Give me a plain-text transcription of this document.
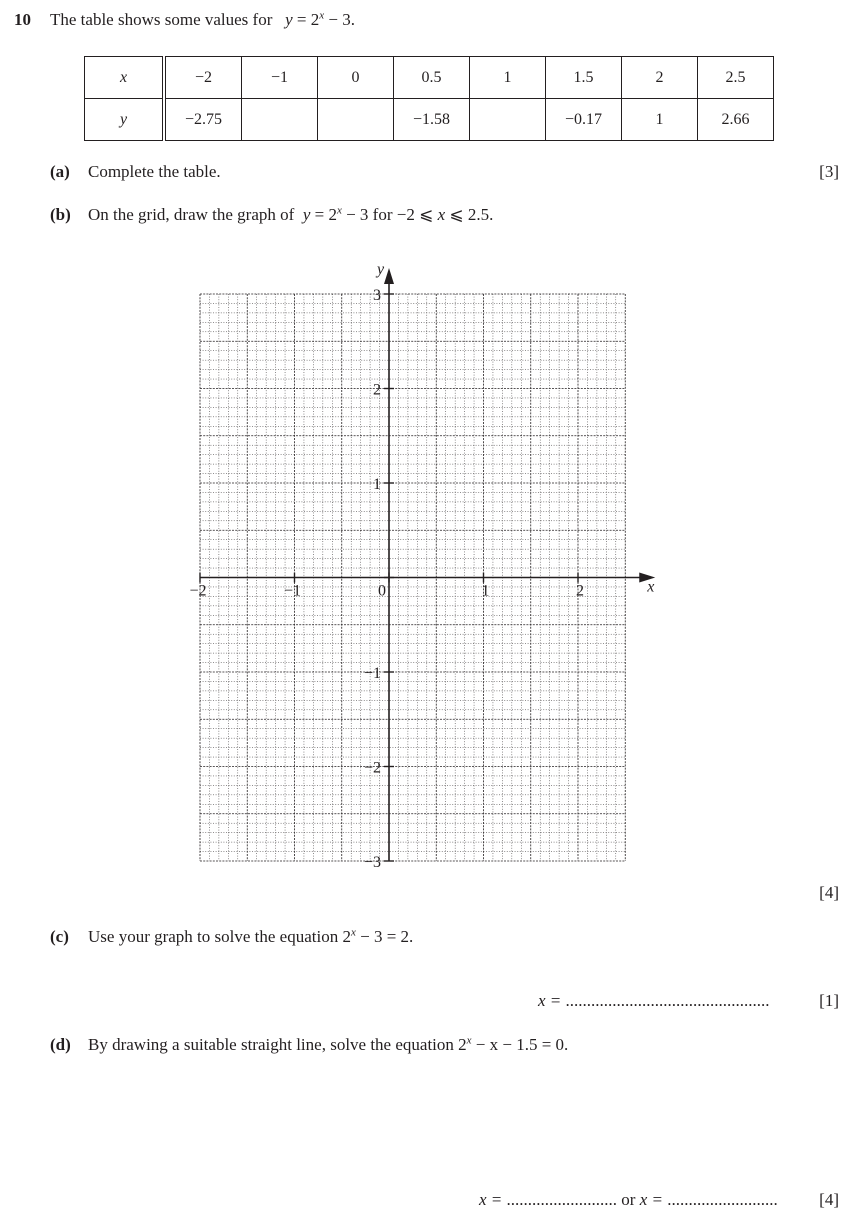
10 The table shows some values for $y = 2^x - 3$.
x	−2	−1	0	0.5	1	1.5	2	2.5
y	−2.75			−1.58		−0.17	1	2.66
(a) Complete the table.	[3]
(b) On the grid, draw the graph of $y = 2^x - 3$ for −2 ⩽ x ⩽ 2.5.
−2	−1	0	1	2
3
2
1
−1
−2
−3
x
y
[4]
(c) Use your graph to solve the equation $2^x - 3 = 2$.
x = ................................................	[1]
(d) By drawing a suitable straight line, solve the equation $2^x - x - 1.5 = 0$.
x = .......................... or x = .......................... [4]
